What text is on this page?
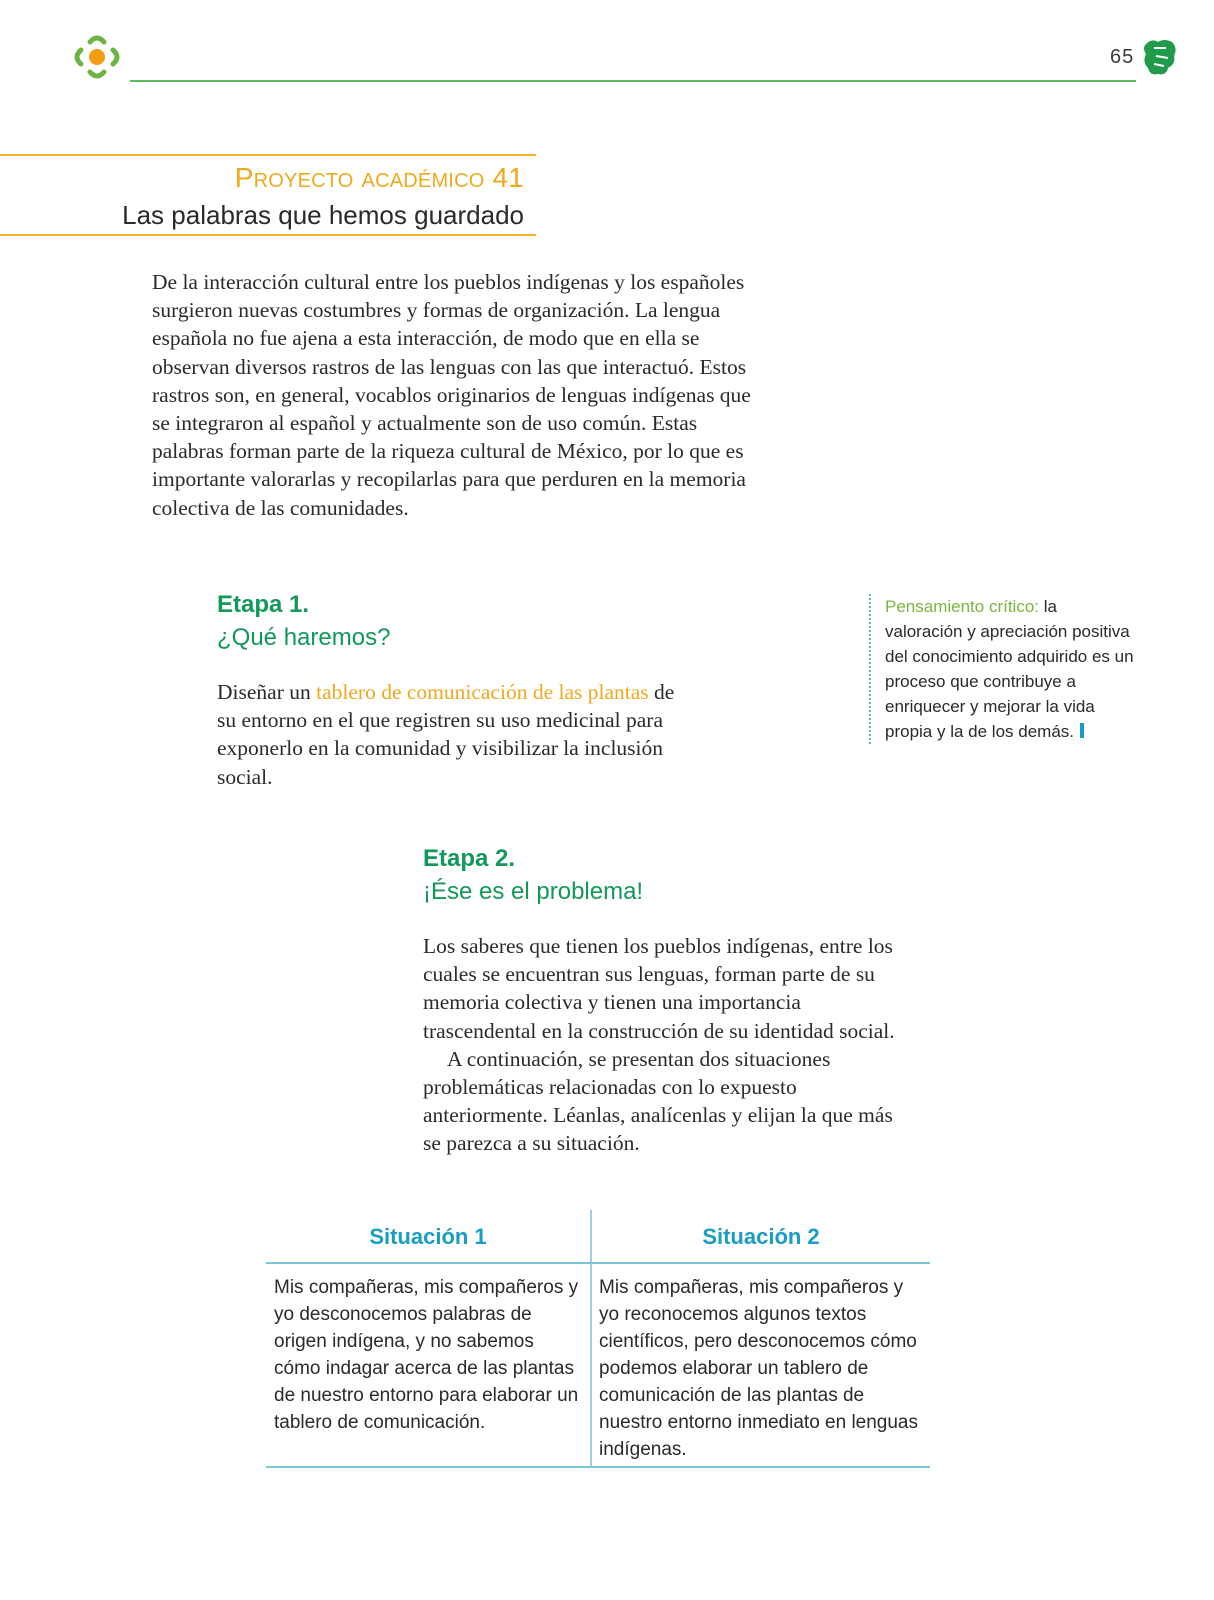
65
Proyecto académico 41
Las palabras que hemos guardado
De la interacción cultural entre los pueblos indígenas y los españoles surgieron nuevas costumbres y formas de organización. La lengua española no fue ajena a esta interacción, de modo que en ella se observan diversos rastros de las lenguas con las que interactuó. Estos rastros son, en general, vocablos originarios de lenguas indígenas que se integraron al español y actualmente son de uso común. Estas palabras forman parte de la riqueza cultural de México, por lo que es importante valorarlas y recopilarlas para que perduren en la memoria colectiva de las comunidades.
Etapa 1.
¿Qué haremos?

Diseñar un tablero de comunicación de las plantas de su entorno en el que registren su uso medicinal para exponerlo en la comunidad y visibilizar la inclusión social.

Pensamiento crítico: la valoración y apreciación positiva del conocimiento adquirido es un proceso que contribuye a enriquecer y mejorar la vida propia y la de los demás.
Etapa 2.
¡Ése es el problema!

Los saberes que tienen los pueblos indígenas, entre los cuales se encuentran sus lenguas, forman parte de su memoria colectiva y tienen una importancia trascendental en la construcción de su identidad social.

A continuación, se presentan dos situaciones problemáticas relacionadas con lo expuesto anteriormente. Léanlas, analícenlas y elijan la que más se parezca a su situación.

Situación 1	Situación 2
Mis compañeras, mis compañeros y yo desconocemos palabras de origen indígena, y no sabemos cómo indagar acerca de las plantas de nuestro entorno para elaborar un tablero de comunicación.
Mis compañeras, mis compañeros y yo reconocemos algunos textos científicos, pero desconocemos cómo podemos elaborar un tablero de comunicación de las plantas de nuestro entorno inmediato en lenguas indígenas.
